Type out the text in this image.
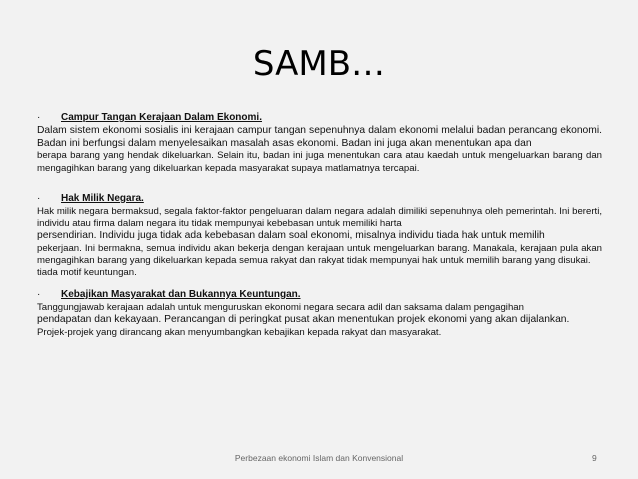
SAMB…
·	Campur Tangan Kerajaan Dalam Ekonomi.

Dalam sistem ekonomi sosialis ini kerajaan campur tangan sepenuhnya dalam ekonomi melalui badan perancang ekonomi. Badan ini berfungsi dalam menyelesaikan masalah asas ekonomi. Badan ini juga akan menentukan apa dan

berapa barang yang hendak dikeluarkan. Selain itu, badan ini juga menentukan cara atau kaedah untuk mengeluarkan barang dan mengagihkan barang yang dikeluarkan kepada masyarakat supaya matlamatnya tercapai.

·	Hak Milik Negara.

Hak milik negara bermaksud, segala faktor-faktor pengeluaran dalam negara adalah dimiliki sepenuhnya oleh pemerintah. Ini bererti, individu atau firma dalam negara itu tidak mempunyai kebebasan untuk memiliki harta

persendirian. Individu juga tidak ada kebebasan dalam soal ekonomi, misalnya individu tiada hak untuk memilih

pekerjaan. Ini bermakna, semua individu akan bekerja dengan kerajaan untuk mengeluarkan barang. Manakala, kerajaan pula akan mengagihkan barang yang dikeluarkan kepada semua rakyat dan rakyat tidak mempunyai hak untuk memilih barang yang disukai.

tiada motif keuntungan.

·	Kebajikan Masyarakat dan Bukannya Keuntungan.

Tanggungjawab kerajaan adalah untuk menguruskan ekonomi negara secara adil dan saksama dalam pengagihan

pendapatan dan kekayaan. Perancangan di peringkat pusat akan menentukan projek ekonomi yang akan dijalankan.

Projek-projek yang dirancang akan menyumbangkan kebajikan kepada rakyat dan masyarakat.

Perbezaan ekonomi Islam dan Konvensional	9
